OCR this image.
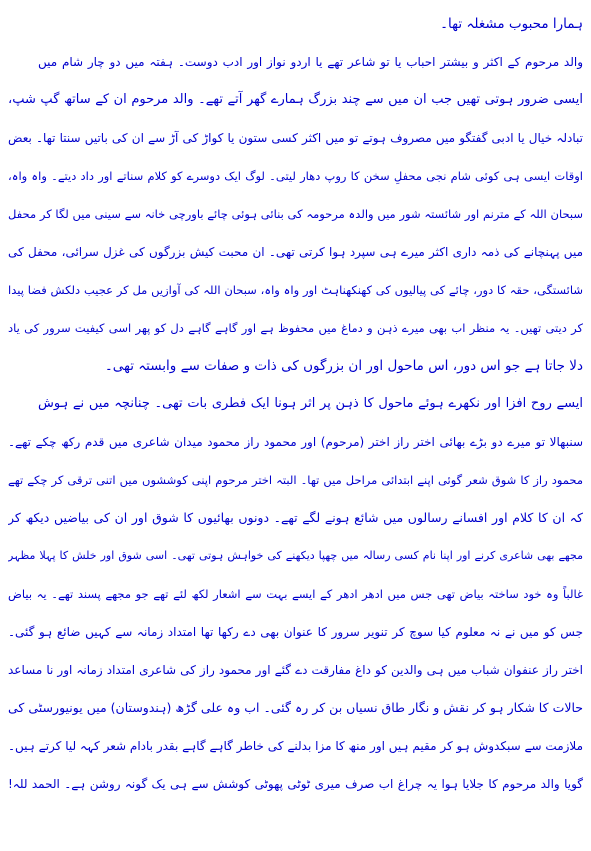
ہمارا محبوب مشغلہ تھا۔
والد مرحوم کے اکثر و بیشتر احباب یا تو شاعر تھے یا اردو نواز اور ادب دوست۔ ہفتہ میں دو چار شام میں
ایسی ضرور ہوتی تھیں جب ان میں سے چند بزرگ ہمارے گھر آتے تھے۔ والد مرحوم ان کے ساتھ گپ شپ،
تبادلہ خیال یا ادبی گفتگو میں مصروف ہوتے تو میں اکثر کسی ستون یا کواڑ کی آڑ سے ان کی باتیں سنتا تھا۔ بعض
اوقات ایسی ہی کوئی شام نجی محفلِ سخن کا روپ دھار لیتی۔ لوگ ایک دوسرے کو کلام سناتے اور داد دیتے۔ واہ واہ،
سبحان اللہ کے مترنم اور شائستہ شور میں والدہ مرحومہ کی بنائی ہوئی چائے باورچی خانہ سے سینی میں لگا کر محفل
میں پہنچانے کی ذمہ داری اکثر میرے ہی سپرد ہوا کرتی تھی۔ ان محبت کیش بزرگوں کی غزل سرائی، محفل کی
شائستگی، حقہ کا دور، چائے کی پیالیوں کی کھنکھناہٹ اور واہ واہ، سبحان اللہ کی آوازیں مل کر عجیب دلکش فضا پیدا
کر دیتی تھیں۔ یہ منظر اب بھی میرے ذہن و دماغ میں محفوظ ہے اور گاہے گاہے دل کو پھر اسی کیفیت سرور کی یاد
دلا جاتا ہے جو اس دور، اس ماحول اور ان بزرگوں کی ذات و صفات سے وابستہ تھی۔
ایسے روح افزا اور نکھرے ہوئے ماحول کا ذہن پر اثر ہونا ایک فطری بات تھی۔ چنانچہ میں نے ہوش
سنبھالا تو میرے دو بڑے بھائی اختر راز اختر (مرحوم) اور محمود راز محمود میدان شاعری میں قدم رکھ چکے تھے۔
محمود راز کا شوق شعر گوئی اپنے ابتدائی مراحل میں تھا۔ البتہ اختر مرحوم اپنی کوششوں میں اتنی ترقی کر چکے تھے
کہ ان کا کلام اور افسانے رسالوں میں شائع ہونے لگے تھے۔ دونوں بھائیوں کا شوق اور ان کی بیاضیں دیکھ کر
مجھے بھی شاعری کرنے اور اپنا نام کسی رسالہ میں چھپا دیکھنے کی خواہش ہوتی تھی۔ اسی شوق اور خلش کا پہلا مظہر
غالباً وہ خود ساختہ بیاض تھی جس میں ادھر ادھر کے ایسے بہت سے اشعار لکھ لئے تھے جو مجھے پسند تھے۔ یہ بیاض
جس کو میں نے نہ معلوم کیا سوچ کر تنویر سرور کا عنوان بھی دے رکھا تھا امتداد زمانہ سے کہیں ضائع ہو گئی۔
اختر راز عنفوان شباب میں ہی والدین کو داغ مفارقت دے گئے اور محمود راز کی شاعری امتداد زمانہ اور نا مساعد
حالات کا شکار ہو کر نقش و نگار طاق نسیاں بن کر رہ گئی۔ اب وہ علی گڑھ (ہندوستان) میں یونیورسٹی کی
ملازمت سے سبکدوش ہو کر مقیم ہیں اور منھ کا مزا بدلنے کی خاطر گاہے گاہے بقدر بادام شعر کہہ لیا کرتے ہیں۔
گویا والد مرحوم کا جلایا ہوا یہ چراغ اب صرف میری ٹوٹی پھوٹی کوشش سے ہی یک گونہ روشن ہے۔ الحمد للہ!
